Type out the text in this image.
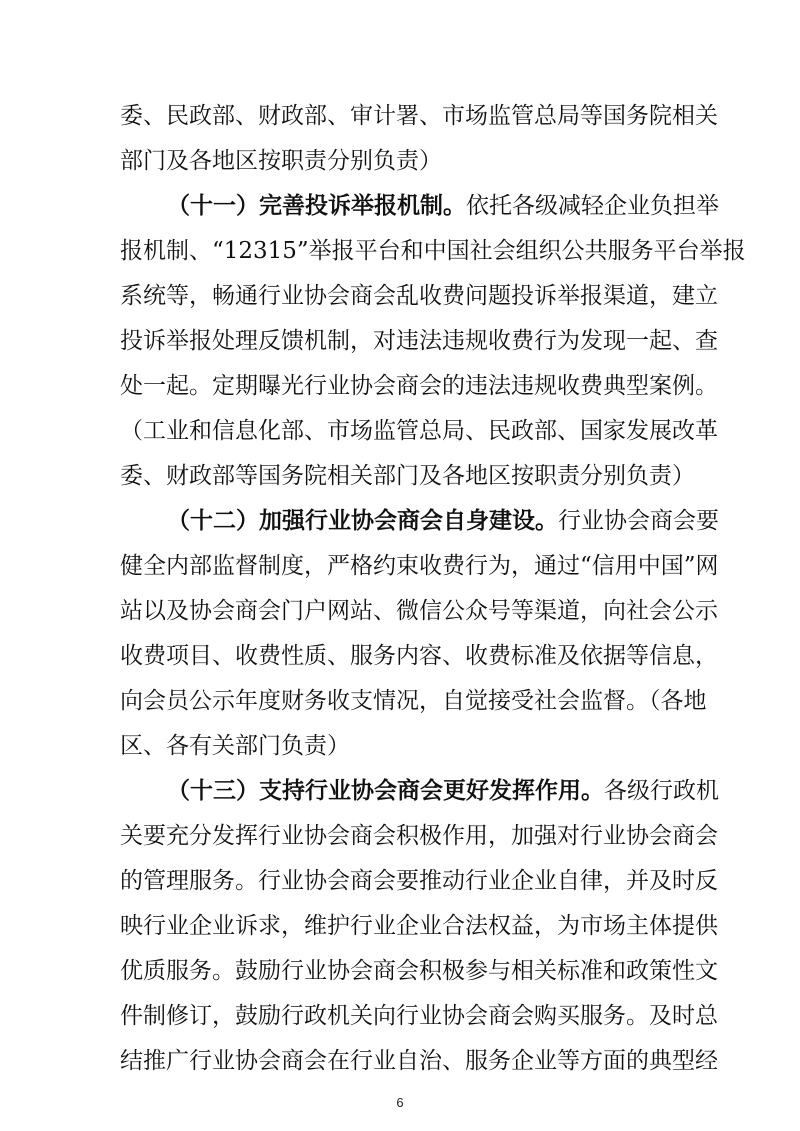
委、民政部、财政部、审计署、市场监管总局等国务院相关
部门及各地区按职责分别负责）
（十一）完善投诉举报机制。依托各级减轻企业负担举
报机制、“12315”举报平台和中国社会组织公共服务平台举报
系统等，畅通行业协会商会乱收费问题投诉举报渠道，建立
投诉举报处理反馈机制，对违法违规收费行为发现一起、查
处一起。定期曝光行业协会商会的违法违规收费典型案例。
（工业和信息化部、市场监管总局、民政部、国家发展改革
委、财政部等国务院相关部门及各地区按职责分别负责）
（十二）加强行业协会商会自身建设。行业协会商会要
健全内部监督制度，严格约束收费行为，通过“信用中国”网
站以及协会商会门户网站、微信公众号等渠道，向社会公示
收费项目、收费性质、服务内容、收费标准及依据等信息，
向会员公示年度财务收支情况，自觉接受社会监督。（各地
区、各有关部门负责）
（十三）支持行业协会商会更好发挥作用。各级行政机
关要充分发挥行业协会商会积极作用，加强对行业协会商会
的管理服务。行业协会商会要推动行业企业自律，并及时反
映行业企业诉求，维护行业企业合法权益，为市场主体提供
优质服务。鼓励行业协会商会积极参与相关标准和政策性文
件制修订，鼓励行政机关向行业协会商会购买服务。及时总
结推广行业协会商会在行业自治、服务企业等方面的典型经
6
